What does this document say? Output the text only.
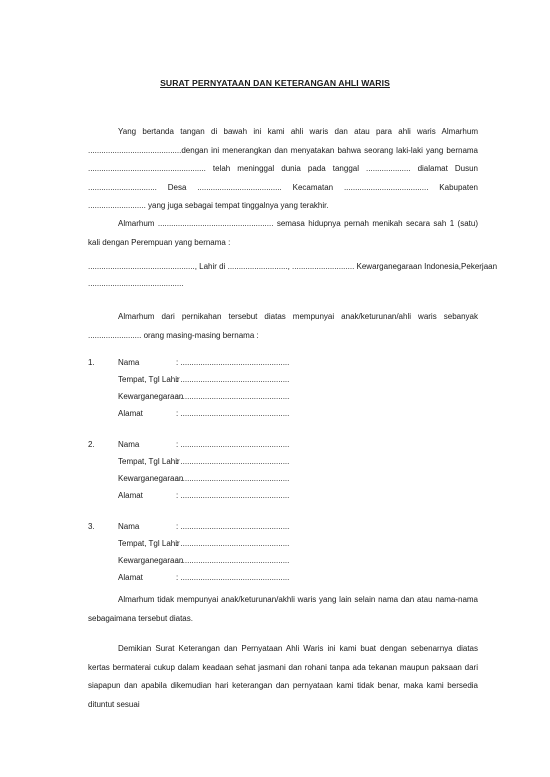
SURAT PERNYATAAN DAN KETERANGAN AHLI WARIS

Yang bertanda tangan di bawah ini kami ahli waris dan atau para ahli waris Almarhum ..........................................dengan ini menerangkan dan menyatakan bahwa seorang laki-laki yang bernama ..................................................... telah meninggal dunia pada tanggal .................... dialamat Dusun ............................... Desa ...................................... Kecamatan ...................................... Kabupaten .......................... yang juga sebagai tempat tinggalnya yang terakhir.

Almarhum .................................................... semasa hidupnya pernah menikah secara sah 1 (satu) kali dengan Perempuan yang bernama :

................................................, Lahir di ..........................., ............................ Kewarganegaraan Indonesia,Pekerjaan
...........................................

Almarhum dari pernikahan tersebut diatas mempunyai anak/keturunan/ahli waris sebanyak ........................ orang masing-masing bernama :

1.	Nama	: .................................................
Tempat, Tgl Lahir
: .................................................
Kewarganegaraan
: .................................................
Alamat	: .................................................
2.	Nama	: .................................................
Tempat, Tgl Lahir
: .................................................
Kewarganegaraan
: .................................................
Alamat	: .................................................
3.	Nama	: .................................................
Tempat, Tgl Lahir
: .................................................
Kewarganegaraan
: .................................................
Alamat	: .................................................

Almarhum tidak mempunyai anak/keturunan/akhli waris yang lain selain nama dan atau nama-nama sebagaimana tersebut diatas.

Demikian Surat Keterangan dan Pernyataan Ahli Waris ini kami buat dengan sebenarnya diatas kertas bermaterai cukup dalam keadaan sehat jasmani dan rohani tanpa ada tekanan maupun paksaan dari siapapun dan apabila dikemudian hari keterangan dan pernyataan kami tidak benar, maka kami bersedia dituntut sesuai
